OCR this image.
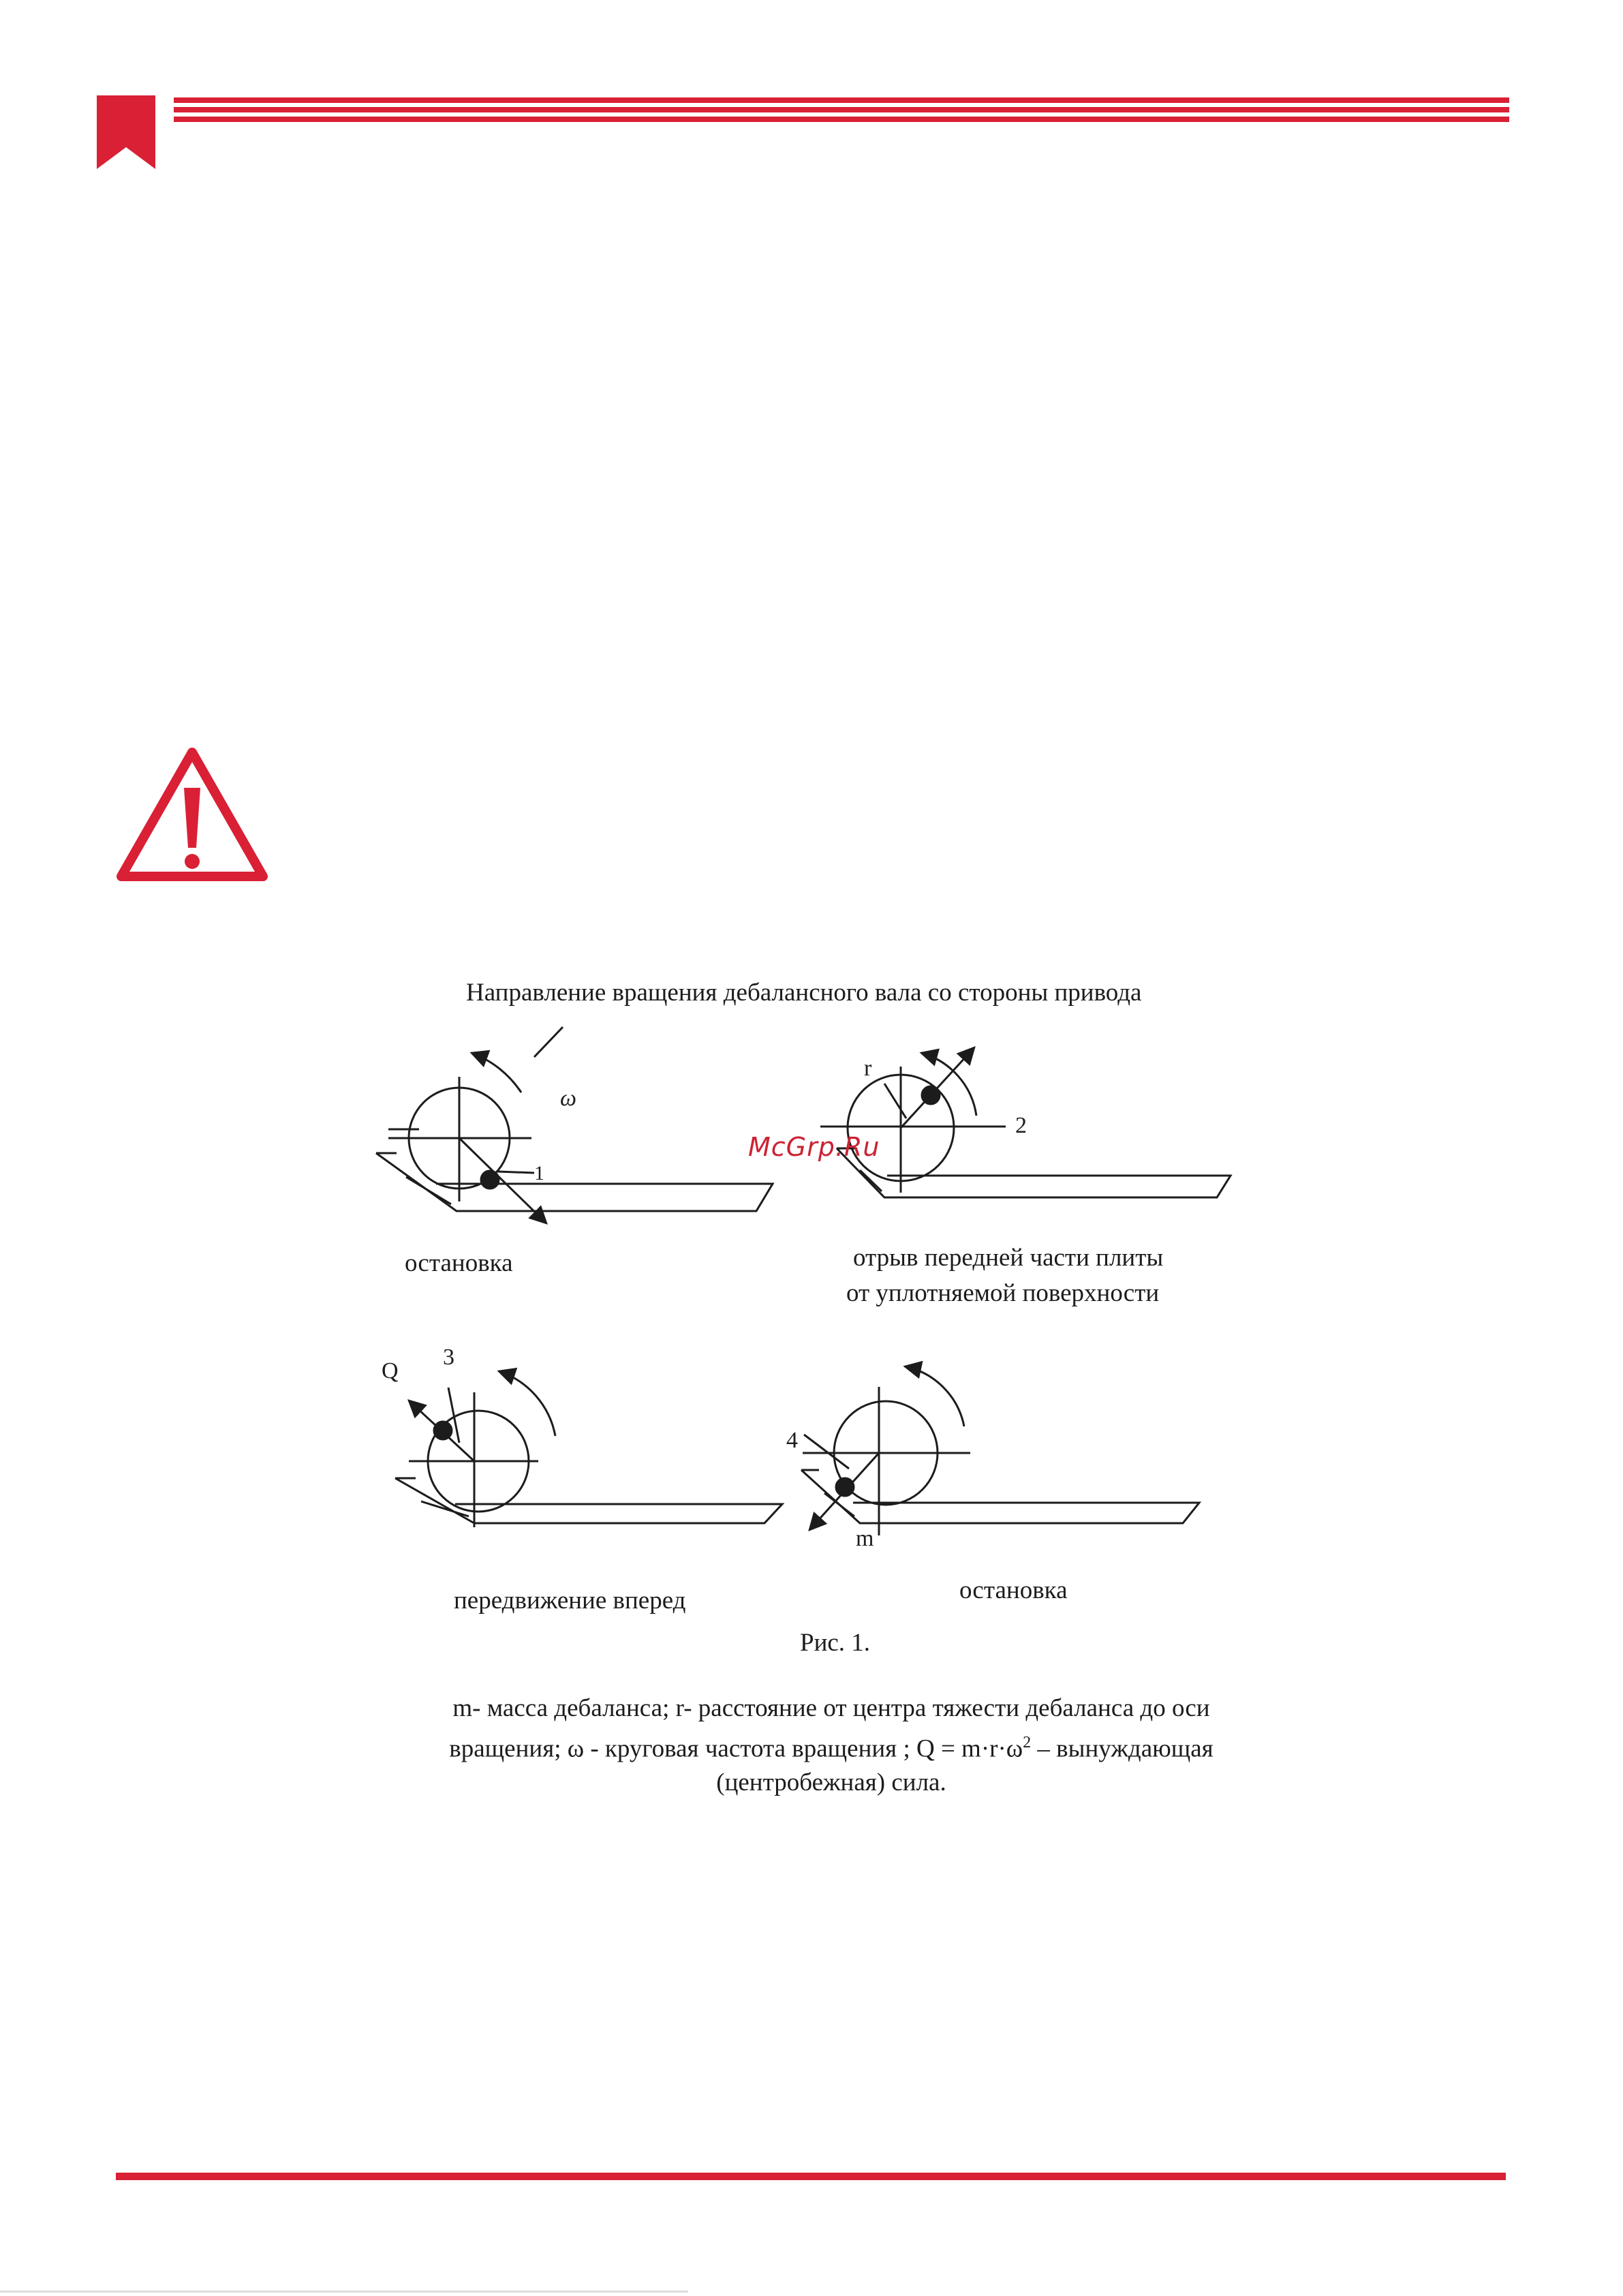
Направление вращения дебалансного вала со стороны привода
McGrp.Ru
ω
1
остановка
r
2
отрыв передней части плиты
от уплотняемой поверхности
Q
3
передвижение вперед
4
m
остановка
Рис. 1.
m- масса дебаланса; r- расстояние от центра тяжести дебаланса до оси
вращения; ω - круговая частота вращения ; $Q = m\cdot r\cdot\omega^2$ – вынуждающая
(центробежная) сила.
